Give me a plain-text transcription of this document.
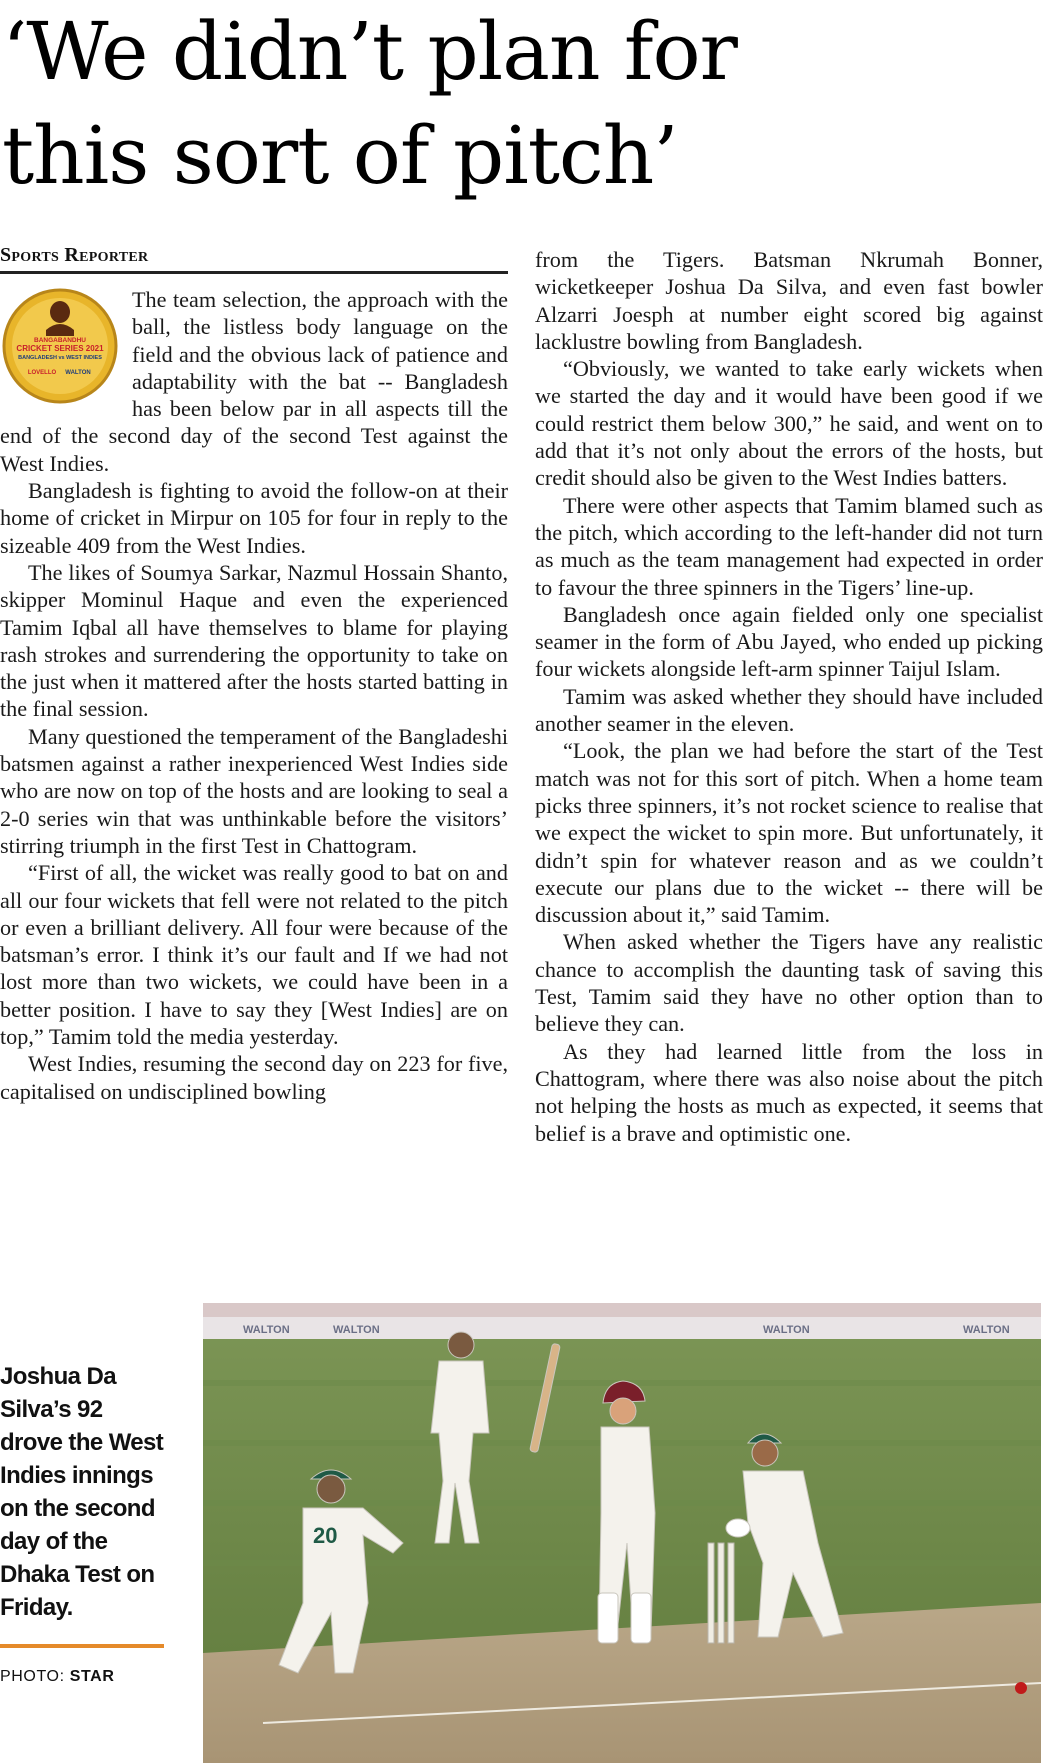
‘We didn’t plan for
this sort of pitch’
Sports Reporter
BANGABANDHU
CRICKET SERIES 2021
BANGLADESH vs WEST INDIES
LOVELLO WALTON

The team selection, the approach with the ball, the listless body language on the field and the obvious lack of patience and adaptability with the bat -- Bangladesh has been below par in all aspects till the end of the second day of the second Test against the West Indies.

Bangladesh is fighting to avoid the follow-on at their home of cricket in Mirpur on 105 for four in reply to the sizeable 409 from the West Indies.

The likes of Soumya Sarkar, Nazmul Hossain Shanto, skipper Mominul Haque and even the experienced Tamim Iqbal all have themselves to blame for playing rash strokes and surrendering the opportunity to take on the just when it mattered after the hosts started batting in the final session.

Many questioned the temperament of the Bangladeshi batsmen against a rather inexperienced West Indies side who are now on top of the hosts and are looking to seal a 2-0 series win that was unthinkable before the visitors’ stirring triumph in the first Test in Chattogram.

“First of all, the wicket was really good to bat on and all our four wickets that fell were not related to the pitch or even a brilliant delivery. All four were because of the batsman’s error. I think it’s our fault and If we had not lost more than two wickets, we could have been in a better position. I have to say they [West Indies] are on top,” Tamim told the media yesterday.

West Indies, resuming the second day on 223 for five, capitalised on undisciplined bowling

from the Tigers. Batsman Nkrumah Bonner, wicketkeeper Joshua Da Silva, and even fast bowler Alzarri Joesph at number eight scored big against lacklustre bowling from Bangladesh.

“Obviously, we wanted to take early wickets when we started the day and it would have been good if we could restrict them below 300,” he said, and went on to add that it’s not only about the errors of the hosts, but credit should also be given to the West Indies batters.

There were other aspects that Tamim blamed such as the pitch, which according to the left-hander did not turn as much as the team management had expected in order to favour the three spinners in the Tigers’ line-up.

Bangladesh once again fielded only one specialist seamer in the form of Abu Jayed, who ended up picking four wickets alongside left-arm spinner Taijul Islam.

Tamim was asked whether they should have included another seamer in the eleven.

“Look, the plan we had before the start of the Test match was not for this sort of pitch. When a home team picks three spinners, it’s not rocket science to realise that we expect the wicket to spin more. But unfortunately, it didn’t spin for whatever reason and as we couldn’t execute our plans due to the wicket -- there will be discussion about it,” said Tamim.

When asked whether the Tigers have any realistic chance to accomplish the daunting task of saving this Test, Tamim said they have no other option than to believe they can.

As they had learned little from the loss in Chattogram, where there was also noise about the pitch not helping the hosts as much as expected, it seems that belief is a brave and optimistic one.

Joshua Da Silva’s 92 drove the West Indies innings on the second day of the Dhaka Test on Friday.

PHOTO: STAR
WALTON	WALTON	WALTON	WALTON
20
